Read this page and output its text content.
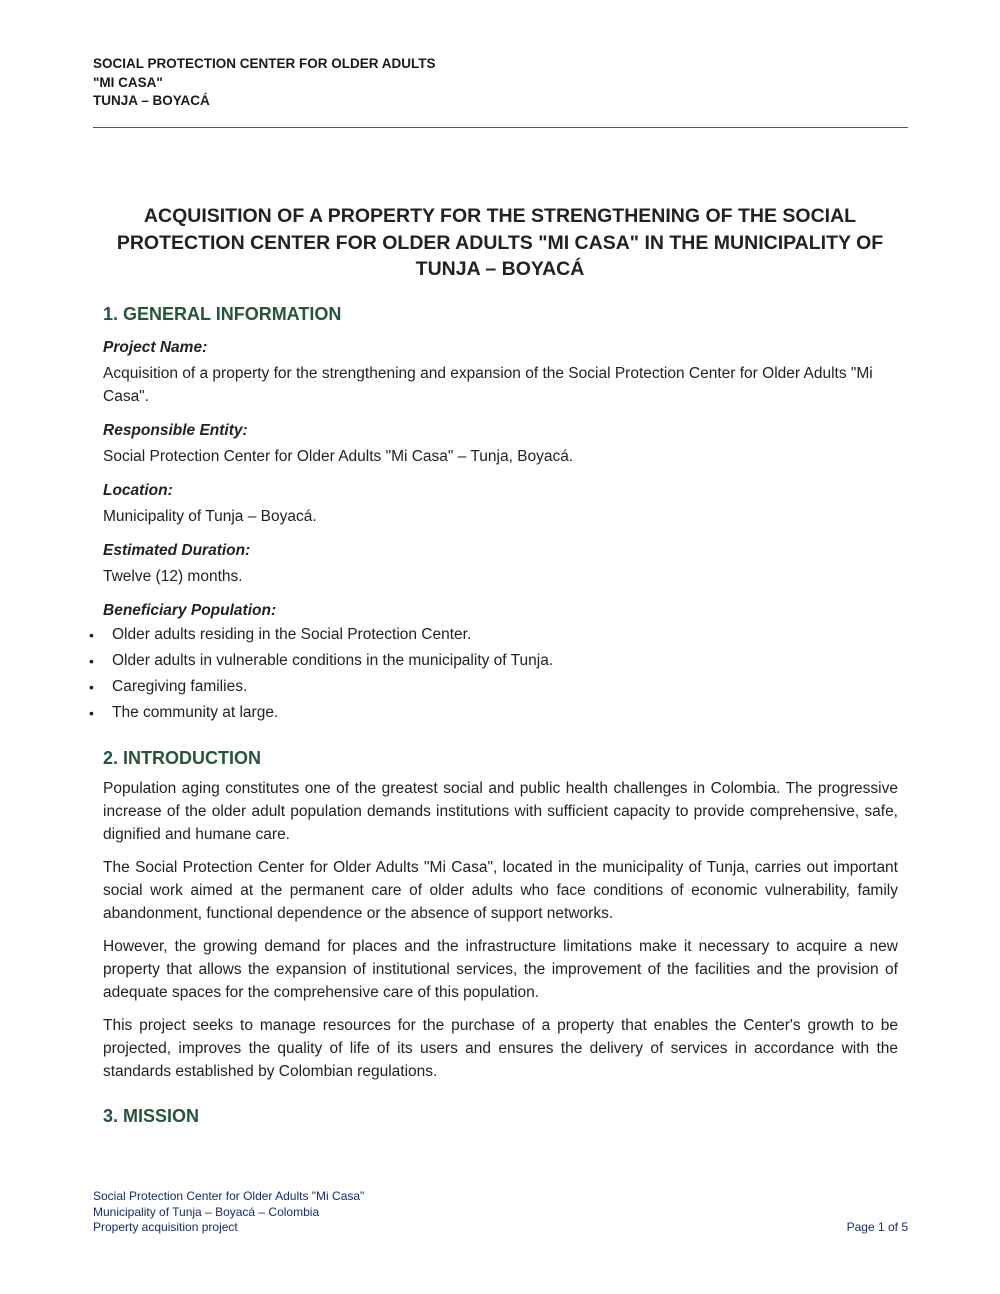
SOCIAL PROTECTION CENTER FOR OLDER ADULTS
"MI CASA"
TUNJA – BOYACÁ
ACQUISITION OF A PROPERTY FOR THE STRENGTHENING OF THE SOCIAL
PROTECTION CENTER FOR OLDER ADULTS "MI CASA" IN THE MUNICIPALITY OF
TUNJA – BOYACÁ
1. GENERAL INFORMATION
Project Name:

Acquisition of a property for the strengthening and expansion of the Social Protection Center for Older Adults "Mi Casa".

Responsible Entity:

Social Protection Center for Older Adults "Mi Casa" – Tunja, Boyacá.

Location:

Municipality of Tunja – Boyacá.

Estimated Duration:

Twelve (12) months.

Beneficiary Population:
• Older adults residing in the Social Protection Center.
• Older adults in vulnerable conditions in the municipality of Tunja.
• Caregiving families.
• The community at large.
2. INTRODUCTION

Population aging constitutes one of the greatest social and public health challenges in Colombia. The progressive increase of the older adult population demands institutions with sufficient capacity to provide comprehensive, safe, dignified and humane care.

The Social Protection Center for Older Adults "Mi Casa", located in the municipality of Tunja, carries out important social work aimed at the permanent care of older adults who face conditions of economic vulnerability, family abandonment, functional dependence or the absence of support networks.

However, the growing demand for places and the infrastructure limitations make it necessary to acquire a new property that allows the expansion of institutional services, the improvement of the facilities and the provision of adequate spaces for the comprehensive care of this population.

This project seeks to manage resources for the purchase of a property that enables the Center's growth to be projected, improves the quality of life of its users and ensures the delivery of services in accordance with the standards established by Colombian regulations.

3. MISSION
Social Protection Center for Older Adults "Mi Casa"
Municipality of Tunja – Boyacá – Colombia
Property acquisition project	Page 1 of 5
